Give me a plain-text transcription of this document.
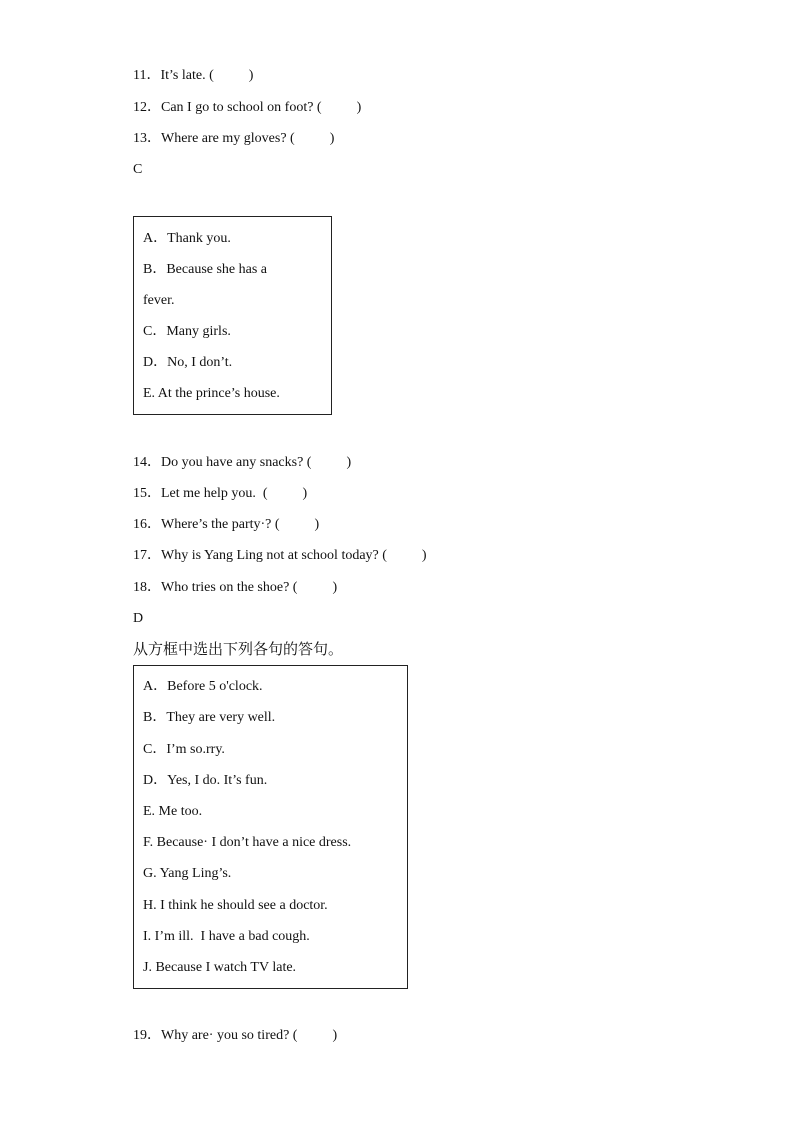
11．It’s late. (          )
12．Can I go to school on foot? (          )
13．Where are my gloves? (          )
C
A．Thank you.
B．Because she has a
fever.
C．Many girls.
D．No, I don’t.
E. At the prince’s house.
14．Do you have any snacks? (          )
15．Let me help you.  (          )
16．Where’s the party·? (          )
17．Why is Yang Ling not at school today? (          )
18．Who tries on the shoe? (          )
D
从方框中选出下列各句的答句。
A．Before 5 o'clock.
B．They are very well.
C．I’m so.rry.
D．Yes, I do. It’s fun.
E. Me too.
F. Because· I don’t have a nice dress.
G. Yang Ling’s.
H. I think he should see a doctor.
I. I’m ill.  I have a bad cough.
J. Because I watch TV late.
19．Why are· you so tired? (          )
